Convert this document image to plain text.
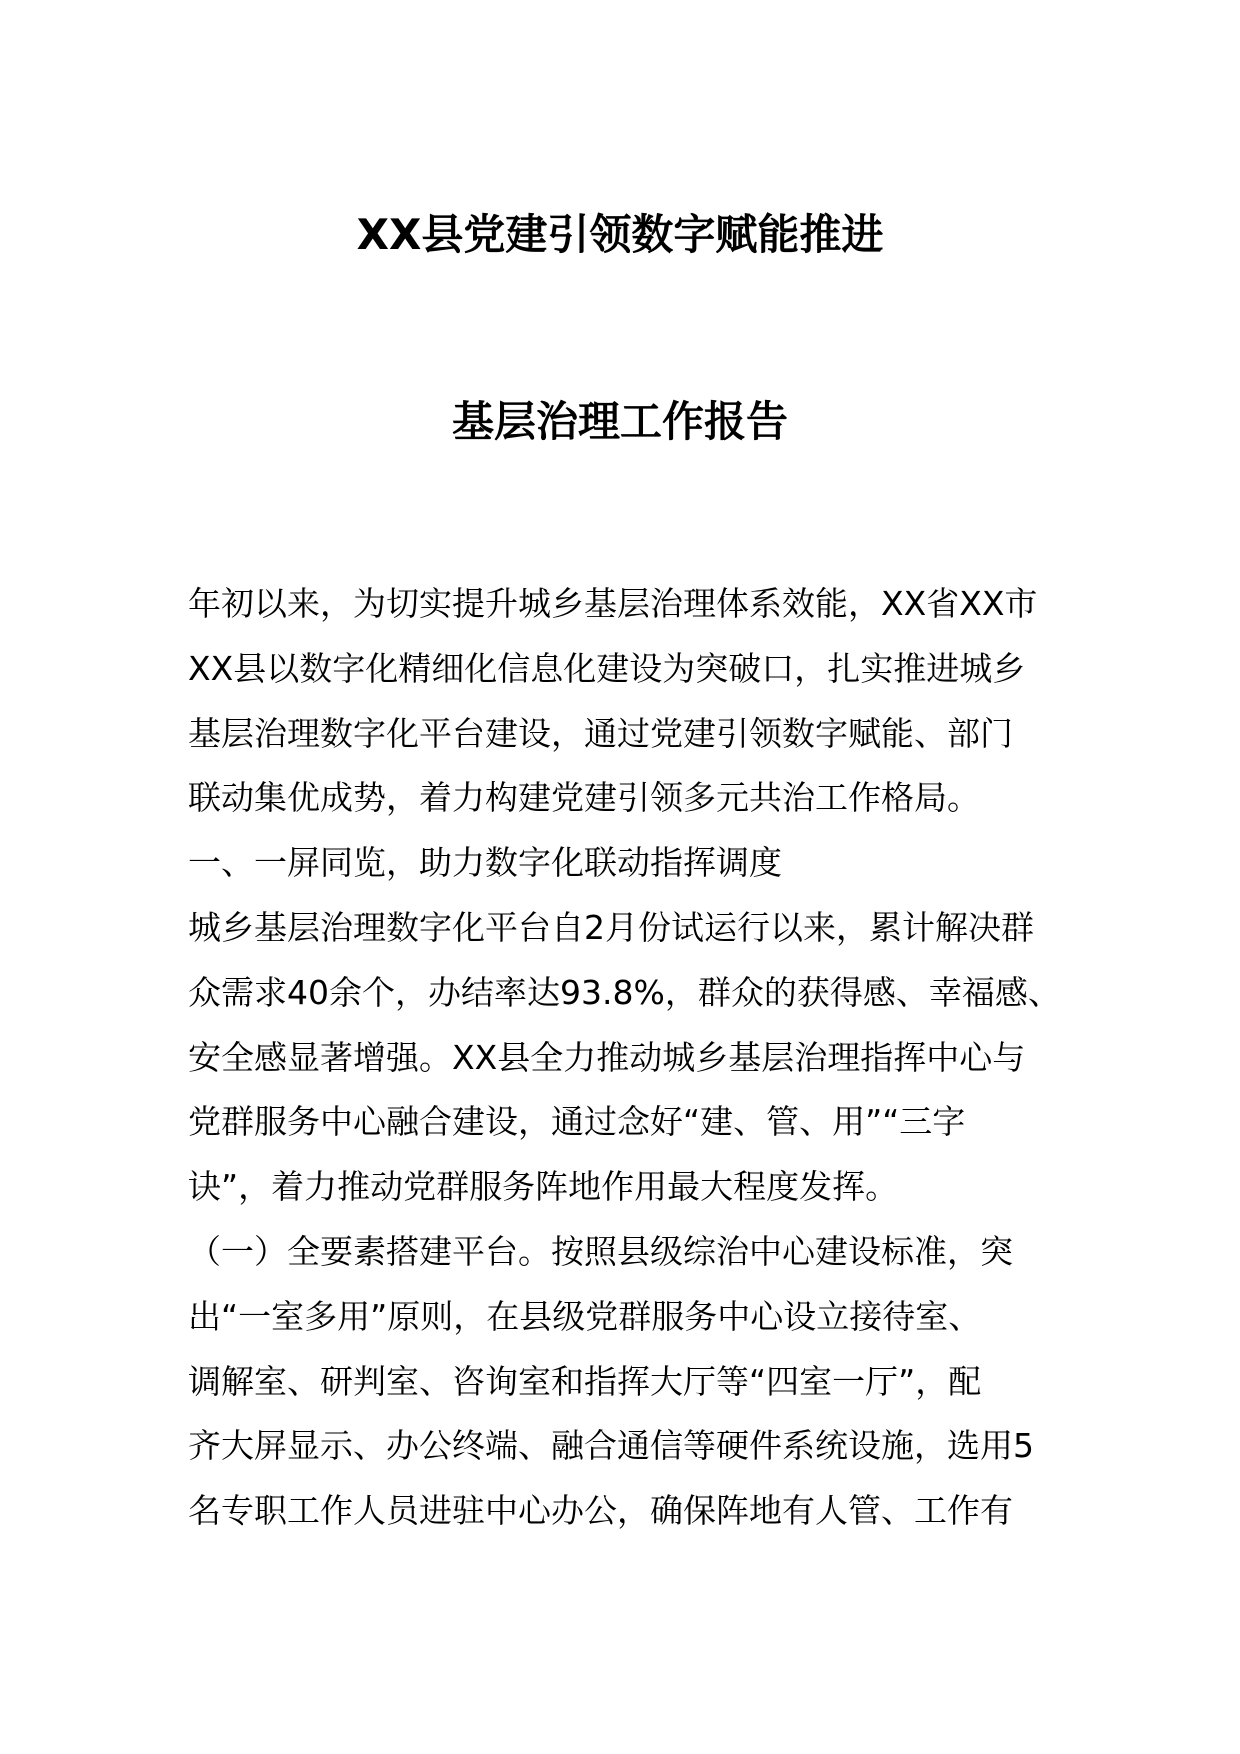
XX县党建引领数字赋能推进
基层治理工作报告
年初以来，为切实提升城乡基层治理体系效能，XX省XX市
XX县以数字化精细化信息化建设为突破口，扎实推进城乡
基层治理数字化平台建设，通过党建引领数字赋能、部门
联动集优成势，着力构建党建引领多元共治工作格局。
一、一屏同览，助力数字化联动指挥调度
城乡基层治理数字化平台自2月份试运行以来，累计解决群
众需求40余个，办结率达93.8%，群众的获得感、幸福感、
安全感显著增强。XX县全力推动城乡基层治理指挥中心与
党群服务中心融合建设，通过念好“建、管、用”“三字
诀”，着力推动党群服务阵地作用最大程度发挥。
（一）全要素搭建平台。按照县级综治中心建设标准，突
出“一室多用”原则，在县级党群服务中心设立接待室、
调解室、研判室、咨询室和指挥大厅等“四室一厅”，配
齐大屏显示、办公终端、融合通信等硬件系统设施，选用5
名专职工作人员进驻中心办公，确保阵地有人管、工作有
